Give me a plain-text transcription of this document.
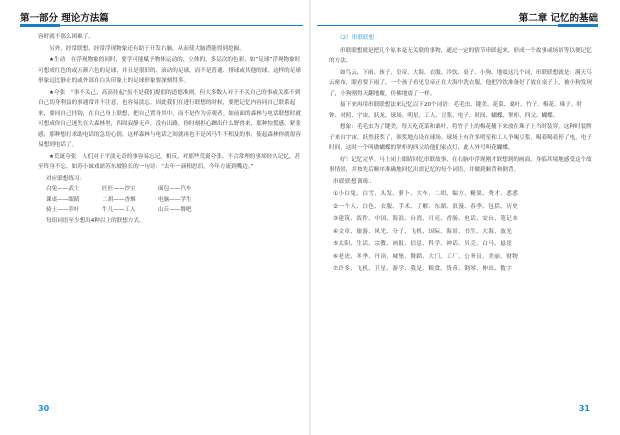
第一部分 理论方法篇

容时就不那么困难了。

另外，经常联想、经常浮现物象还有助于开发右脑，从而使大脑潜能得到挖掘。

★生动　在浮现物象的同时，要学可能赋予物体运动的、立体的、多层次的色彩。如“足球”浮现物象时可想成红色的或五颜六色的足球，并且是很旧的、滚动的足球，而不是普通、排球或其他的球，这样的足球形象远比静止的或外部在白头印象上的足球形象要深刻得多。

★夸张　“事不关己，高高挂起”虽不是我们提倡的道德准则，但大多数人对于不关自己的事或关系不到自己切身利益的事通常并不注意，也容易淡忘。因此我们在进行联想的时候，要把记忆内容同自己联系起来，要同自己挂钩，在自己身上联想，把自己置身其中，而不是作为旁观者。如前面的森林与电话联想时就可想成你自己迷失在大森林里，四周寂静无声，没有出路，你时刻担心蹿出什么野兽来，那种惊慌感、紧张感，那种想打求助电话的急切心情，这样森林与电话之间就再也不是风马牛不相及的事，使起森林你就很容易想到电话了。

★荒诞夸张　人们对于平淡无奇的事容易忘记，相反，对那些荒诞夸张、不合常理的事却经久记忆，甚至终身不忘。如苏小妹戏谑苏东坡脸长的一句诗：“去年一滴相思泪，今年方流到嘴边。”

对应联想练习：
白兔——武士	匠匠——沙宝	面包——汽车
课桌——眼睛	二胡——香烟	电脑——学生
骑士——乔叶	牛儿——工人	山丘——舞吧
每组词语至少想出4种以上的联想方式。
30
第二章 记忆的基础
（2）串联联想

串联联想就是把几个原本毫无关联的事物，通过一定的情节串联起来，形成一个故事或场景等以便记忆的方法。

如鸟云、下雨、孩子、皇帝、大海、衣服、冷饮、桌子、小狗、地震这几个词，串联联想就是：满天乌云密布，眼看要下雨了，一个孩子看见皇帝正在大海中洗衣服，他把冷饮准备好了放在桌子上，被小狗发现了，小狗刚得天翻地覆，仿佛地震了一样。

接下来再用串联联想法来记忆以下20个词语：毛毛虫、键美、花菜、桑叶、竹子、梅花、珠子、时钟、对照、宇宙、跃龙、球场、明星、工人、豆浆、电子、时间、蝴蝶、掌柜、四父、蝴蝶。

想象：毛毛虫为了键美，每天吃花菜和桑叶，将竹子上的梅花捕下来放在珠子上当时装穿，这种时装牌子来自宇宙，跃然获奖了，领奖地点设在球场。球场上有许多明星和工人争喝豆浆，喝着喝着停了电，电子时间，这时一个叫做蝴蝶的掌柜的四父给他们家点灯，此人外号叫花蝴蝶。

好！记忆完毕。马上闭上眼睛回忆串联故事，在右脑中浮现刚才联想到的画面，身临其境地感受这个故事情景，并按先后顺序准确地回忆出需记忆的每个词语，并做到顺背和倒背。

串联联想训练：
①小白兔、白雪、头发、萝卜、大车、二胡、编方、糖果、秀才、悉悉
②一个人、白色、衣服、手术、了解、东湖、浪漫、春季、包括、历史
③建筑、饭件、中国、海浪、台湾、月亮、香肠、电话、安台、笔记本
④文章、旅游、风光、分子、飞机、国际、海景、书生、大海、波光
⑤太阳、生活、宗教、画报、信息、科学、神话、贝壳、白马、悬崖
⑥老虎、冬季、丹顶、城堡、舞蹈、大门、工厂、公务员、美丽、财物
⑦许多、飞机、卫星、游学、我是、粮食、货币、钢琴、伸出、数字
31
